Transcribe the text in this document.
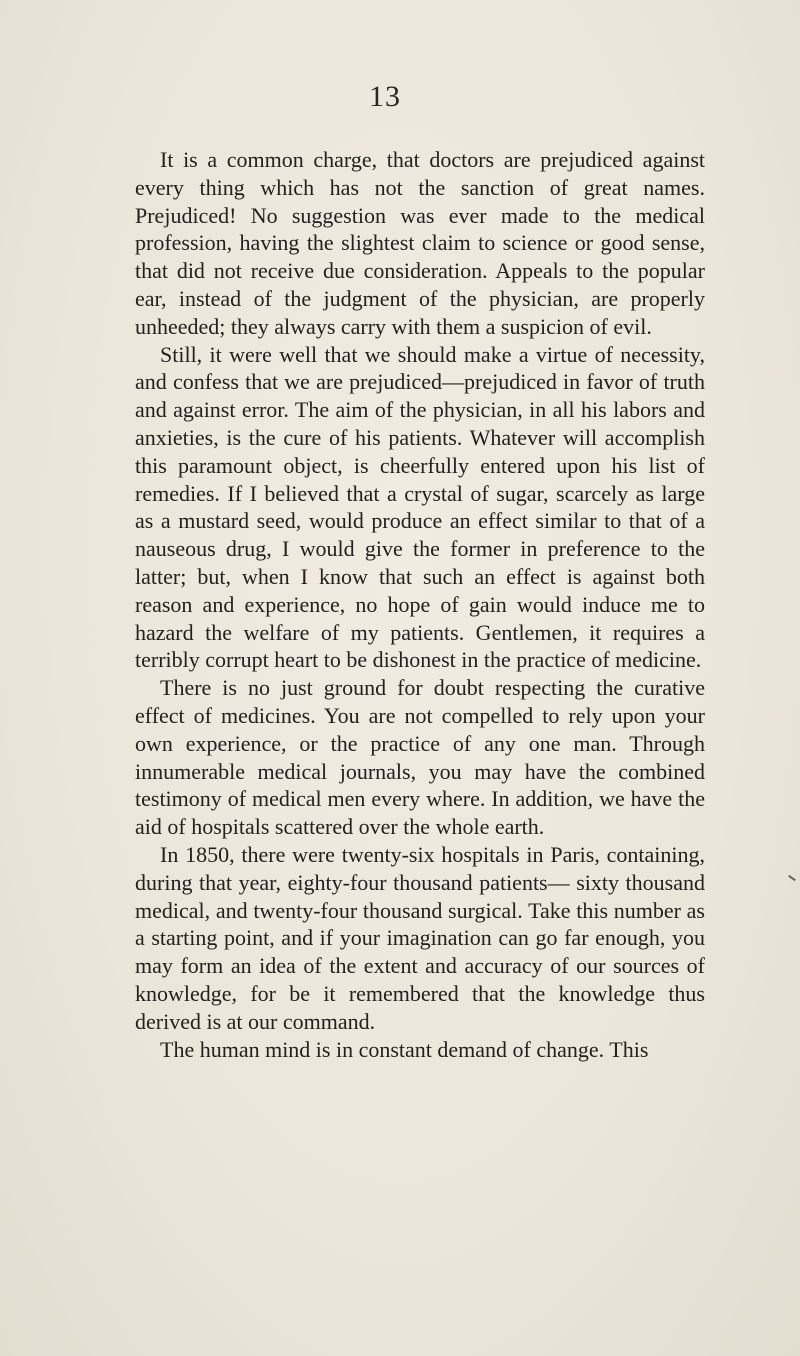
13

It is a common charge, that doctors are prejudiced against every thing which has not the sanction of great names. Prejudiced! No suggestion was ever made to the medical profession, having the slightest claim to science or good sense, that did not receive due consideration. Appeals to the popular ear, instead of the judgment of the physician, are properly unheeded; they always carry with them a suspicion of evil.

Still, it were well that we should make a virtue of necessity, and confess that we are prejudiced—prejudiced in favor of truth and against error. The aim of the physician, in all his labors and anxieties, is the cure of his patients. Whatever will accomplish this paramount object, is cheerfully entered upon his list of remedies. If I believed that a crystal of sugar, scarcely as large as a mustard seed, would produce an effect similar to that of a nauseous drug, I would give the former in preference to the latter; but, when I know that such an effect is against both reason and experience, no hope of gain would induce me to hazard the welfare of my patients. Gentlemen, it requires a terribly corrupt heart to be dishonest in the practice of medicine.

There is no just ground for doubt respecting the curative effect of medicines. You are not compelled to rely upon your own experience, or the practice of any one man. Through innumerable medical journals, you may have the combined testimony of medical men every where. In addition, we have the aid of hospitals scattered over the whole earth.

In 1850, there were twenty-six hospitals in Paris, containing, during that year, eighty-four thousand patients— sixty thousand medical, and twenty-four thousand surgical. Take this number as a starting point, and if your imagination can go far enough, you may form an idea of the extent and accuracy of our sources of knowledge, for be it remembered that the knowledge thus derived is at our command.

The human mind is in constant demand of change. This
